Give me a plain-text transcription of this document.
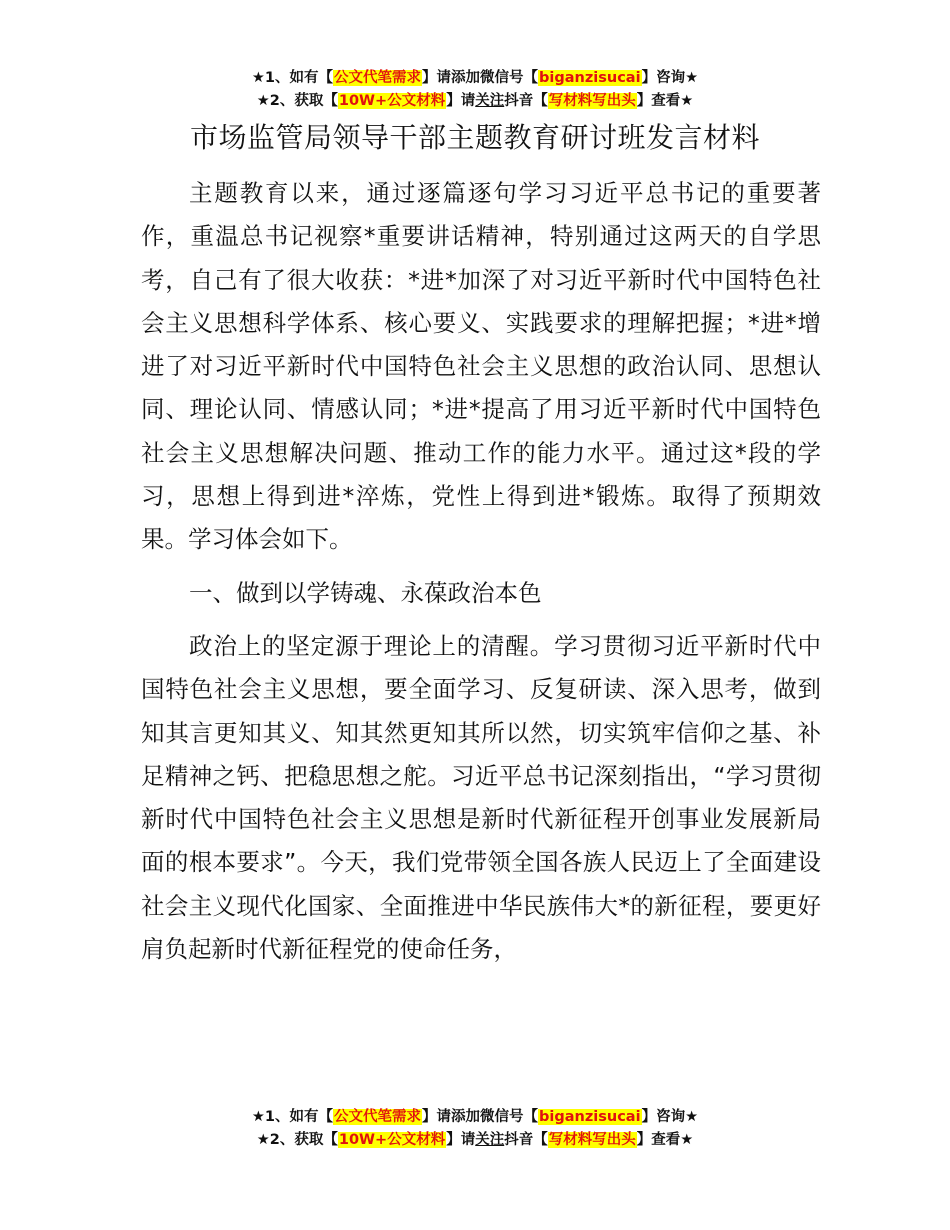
★1、如有【公文代笔需求】请添加微信号【biganzisucai】咨询★
★2、获取【10W+公文材料】请关注抖音【写材料写出头】查看★
市场监管局领导干部主题教育研讨班发言材料

主题教育以来，通过逐篇逐句学习习近平总书记的重要著作，重温总书记视察*重要讲话精神，特别通过这两天的自学思考，自己有了很大收获：*进*加深了对习近平新时代中国特色社会主义思想科学体系、核心要义、实践要求的理解把握；*进*增进了对习近平新时代中国特色社会主义思想的政治认同、思想认同、理论认同、情感认同；*进*提高了用习近平新时代中国特色社会主义思想解决问题、推动工作的能力水平。通过这*段的学习，思想上得到进*淬炼，党性上得到进*锻炼。取得了预期效果。学习体会如下。

一、做到以学铸魂、永葆政治本色

政治上的坚定源于理论上的清醒。学习贯彻习近平新时代中国特色社会主义思想，要全面学习、反复研读、深入思考，做到知其言更知其义、知其然更知其所以然，切实筑牢信仰之基、补足精神之钙、把稳思想之舵。习近平总书记深刻指出，“学习贯彻新时代中国特色社会主义思想是新时代新征程开创事业发展新局面的根本要求”。今天，我们党带领全国各族人民迈上了全面建设社会主义现代化国家、全面推进中华民族伟大*的新征程，要更好肩负起新时代新征程党的使命任务，

★1、如有【公文代笔需求】请添加微信号【biganzisucai】咨询★
★2、获取【10W+公文材料】请关注抖音【写材料写出头】查看★
